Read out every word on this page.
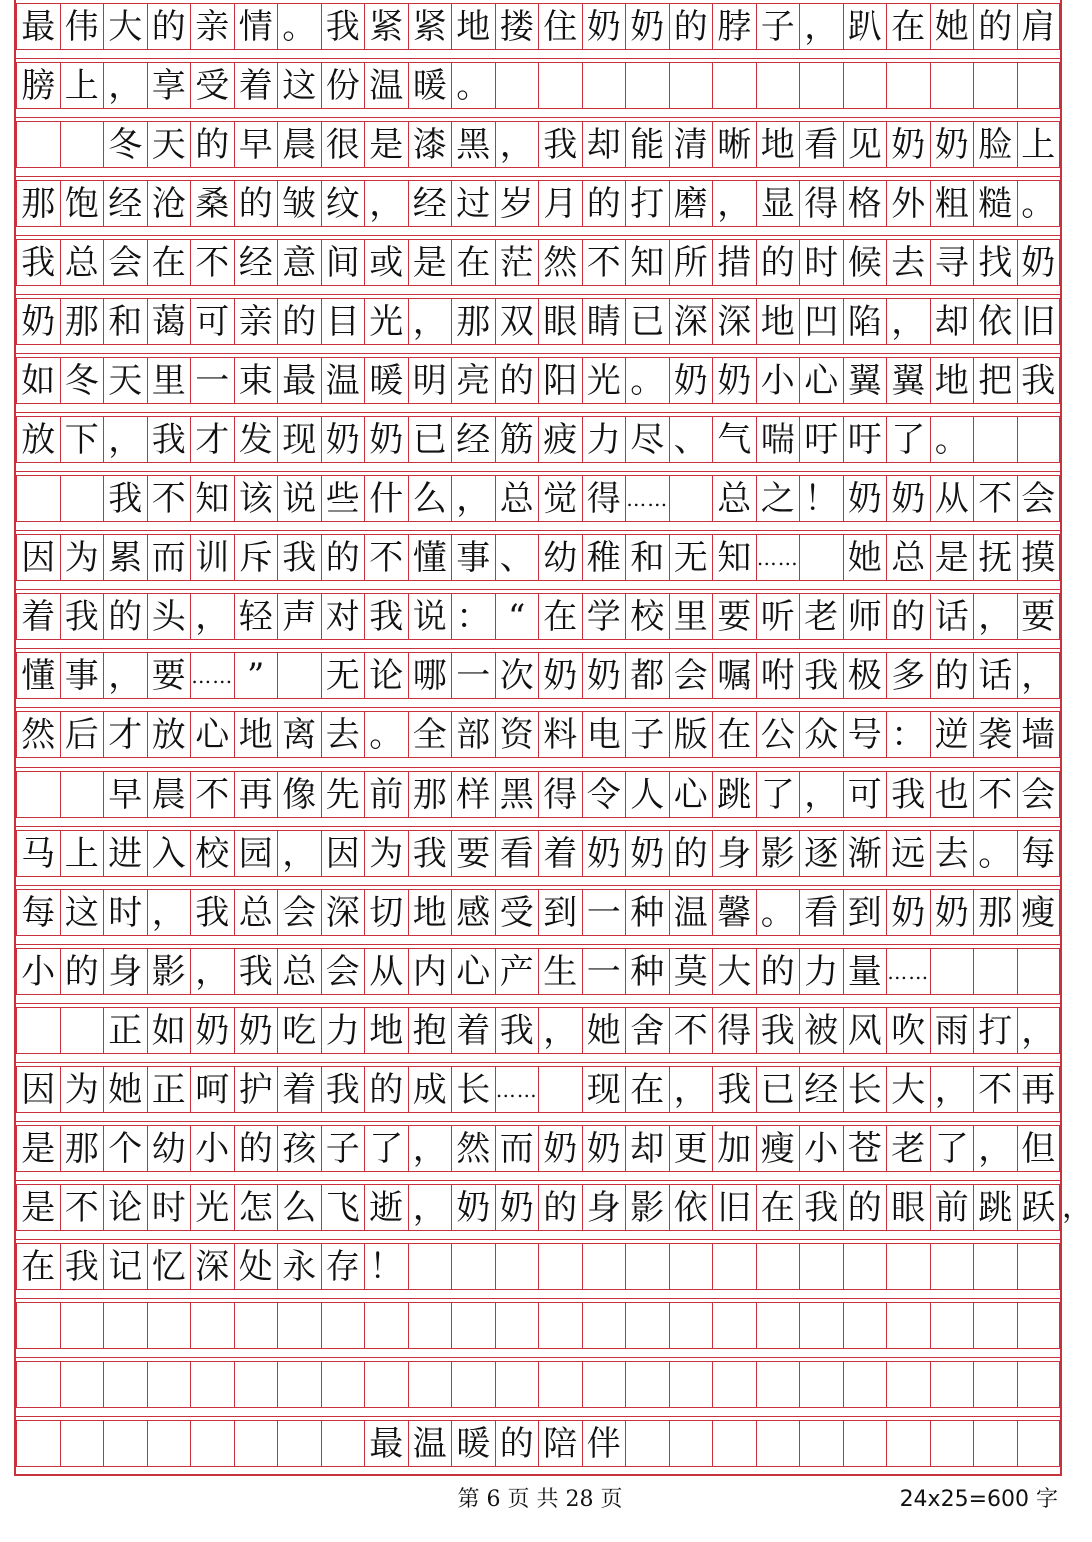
最 伟 大 的 亲 情 。 我 紧 紧 地 搂 住 奶 奶 的 脖 子 ， 趴 在 她 的 肩
膀 上 ， 享 受 着 这 份 温 暖 。
冬 天 的 早 晨 很 是 漆 黑 ， 我 却 能 清 晰 地 看 见 奶 奶 脸 上
那 饱 经 沧 桑 的 皱 纹 ， 经 过 岁 月 的 打 磨 ， 显 得 格 外 粗 糙 。
我 总 会 在 不 经 意 间 或 是 在 茫 然 不 知 所 措 的 时 候 去 寻 找 奶
奶 那 和 蔼 可 亲 的 目 光 ， 那 双 眼 睛 已 深 深 地 凹 陷 ， 却 依 旧
如 冬 天 里 一 束 最 温 暖 明 亮 的 阳 光 。 奶 奶 小 心 翼 翼 地 把 我
放 下 ， 我 才 发 现 奶 奶 已 经 筋 疲 力 尽 、 气 喘 吁 吁 了 。
我 不 知 该 说 些 什 么 ， 总 觉 得 …… 总 之 ！ 奶 奶 从 不 会
因 为 累 而 训 斥 我 的 不 懂 事 、 幼 稚 和 无 知 …… 她 总 是 抚 摸
着 我 的 头 ， 轻 声 对 我 说 ： “ 在 学 校 里 要 听 老 师 的 话 ， 要
懂 事 ， 要 …… ”	无 论 哪 一 次 奶 奶 都 会 嘱 咐 我 极 多 的 话 ，
然 后 才 放 心 地 离 去 。 全 部 资 料 电 子 版 在 公 众 号 ： 逆 袭 墙
早 晨 不 再 像 先 前 那 样 黑 得 令 人 心 跳 了 ， 可 我 也 不 会
马 上 进 入 校 园 ， 因 为 我 要 看 着 奶 奶 的 身 影 逐 渐 远 去 。 每
每 这 时 ， 我 总 会 深 切 地 感 受 到 一 种 温 馨 。 看 到 奶 奶 那 瘦
小 的 身 影 ， 我 总 会 从 内 心 产 生 一 种 莫 大 的 力 量 ……
正 如 奶 奶 吃 力 地 抱 着 我 ， 她 舍 不 得 我 被 风 吹 雨 打 ，
因 为 她 正 呵 护 着 我 的 成 长 …… 现 在 ， 我 已 经 长 大 ， 不 再
是 那 个 幼 小 的 孩 子 了 ， 然 而 奶 奶 却 更 加 瘦 小 苍 老 了 ， 但
是 不 论 时 光 怎 么 飞 逝 ， 奶 奶 的 身 影 依 旧 在 我 的 眼 前 跳 跃 ，
在 我 记 忆 深 处 永 存 ！
最 温 暖 的 陪 伴
第 6 页 共 28 页	24x25=600 字
